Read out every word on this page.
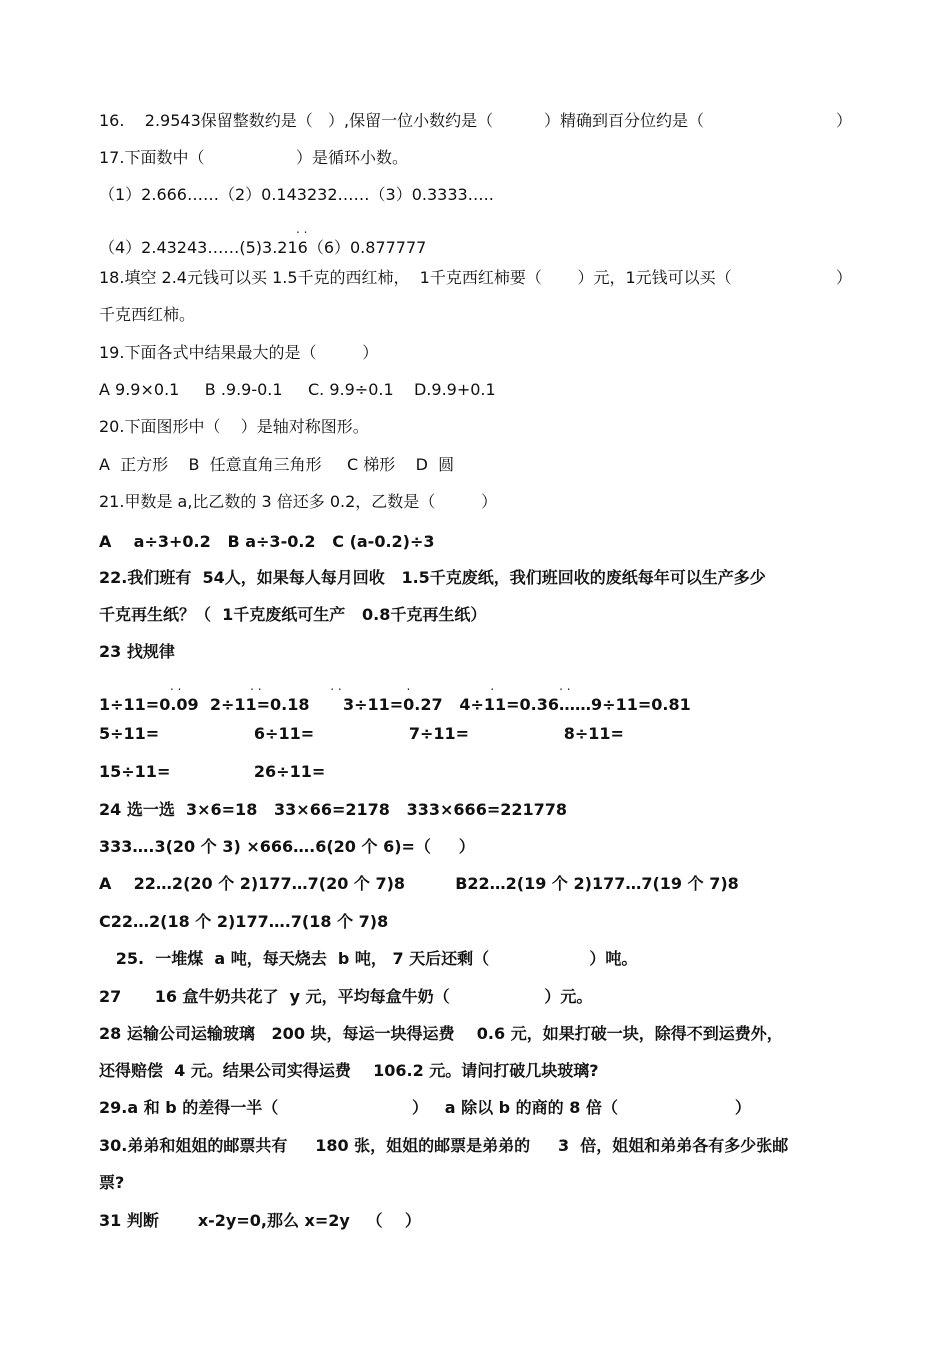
16.    2.9543保留整数约是（   ）,保留一位小数约是（          ）精确到百分位约是（	）
17.下面数中（                  ）是循环小数。
（1）2.666……（2）0.143232……（3）0.3333…..
. .
（4）2.43243……(5)3.216（6）0.877777
18.填空 2.4元钱可以买 1.5千克的西红柿，  1千克西红柿要（       ）元，1元钱可以买（	）
千克西红柿。
19.下面各式中结果最大的是（         ）
A 9.9×0.1     B .9.9-0.1     C. 9.9÷0.1    D.9.9+0.1
20.下面图形中（    ）是轴对称图形。
A  正方形    B  任意直角三角形     C 梯形    D  圆
21.甲数是 a,比乙数的 3 倍还多 0.2，乙数是（         ）
A    a÷3+0.2   B a÷3-0.2   C (a-0.2)÷3
22.我们班有  54人，如果每人每月回收   1.5千克废纸，我们班回收的废纸每年可以生产多少
千克再生纸？（  1千克废纸可生产   0.8千克再生纸）
23 找规律
. .                  . .                  . .                 .                     .                 . .
1÷11=0.09  2÷11=0.18      3÷11=0.27   4÷11=0.36……9÷11=0.81
5÷11=                 6÷11=                 7÷11=                 8÷11=
15÷11=               26÷11=
24 选一选  3×6=18   33×66=2178   333×666=221778
333….3(20 个 3) ×666….6(20 个 6)=（     ）
A    22…2(20 个 2)177…7(20 个 7)8         B22…2(19 个 2)177…7(19 个 7)8
C22…2(18 个 2)177….7(18 个 7)8
25.  一堆煤  a 吨，每天烧去  b 吨， 7 天后还剩（                  ）吨。
27      16 盒牛奶共花了  y 元，平均每盒牛奶（                 ）元。
28 运输公司运输玻璃   200 块，每运一块得运费    0.6 元，如果打破一块，除得不到运费外，
还得赔偿  4 元。结果公司实得运费    106.2 元。请问打破几块玻璃?
29.a 和 b 的差得一半（                        ）   a 除以 b 的商的 8 倍（                     ）
30.弟弟和姐姐的邮票共有     180 张，姐姐的邮票是弟弟的     3  倍，姐姐和弟弟各有多少张邮
票?
31 判断       x-2y=0,那么 x=2y   （    ）
